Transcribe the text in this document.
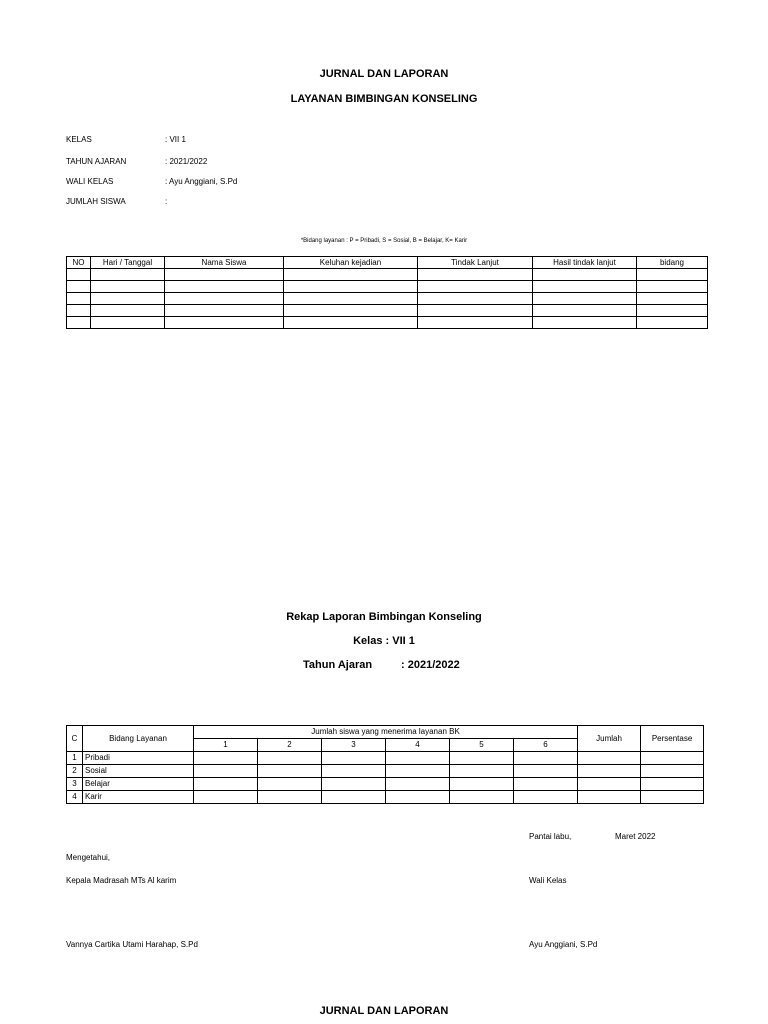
JURNAL DAN LAPORAN
LAYANAN BIMBINGAN KONSELING
KELAS	: VII 1
TAHUN AJARAN	: 2021/2022
WALI KELAS	: Ayu Anggiani, S.Pd
JUMLAH SISWA	:
*Bidang layanan : P = Pribadi, S = Sosial, B = Belajar, K= Karir
NO	Hari / Tanggal	Nama Siswa	Keluhan kejadian	Tindak Lanjut	Hasil tindak lanjut	bidang

Rekap Laporan Bimbingan Konseling
Kelas : VII 1
Tahun Ajaran	: 2021/2022
C	Bidang Layanan	Jumlah siswa yang menerima layanan BK						Jumlah	Persentase
		1	2	3	4	5	6		
1	Pribadi								
2	Sosial								
3	Belajar								
4	Karir								
Pantai labu,	Maret 2022
Mengetahui,
Kepala Madrasah MTs Al karim	Wali Kelas
Vannya Cartika Utami Harahap, S.Pd	Ayu Anggiani, S.Pd
JURNAL DAN LAPORAN
